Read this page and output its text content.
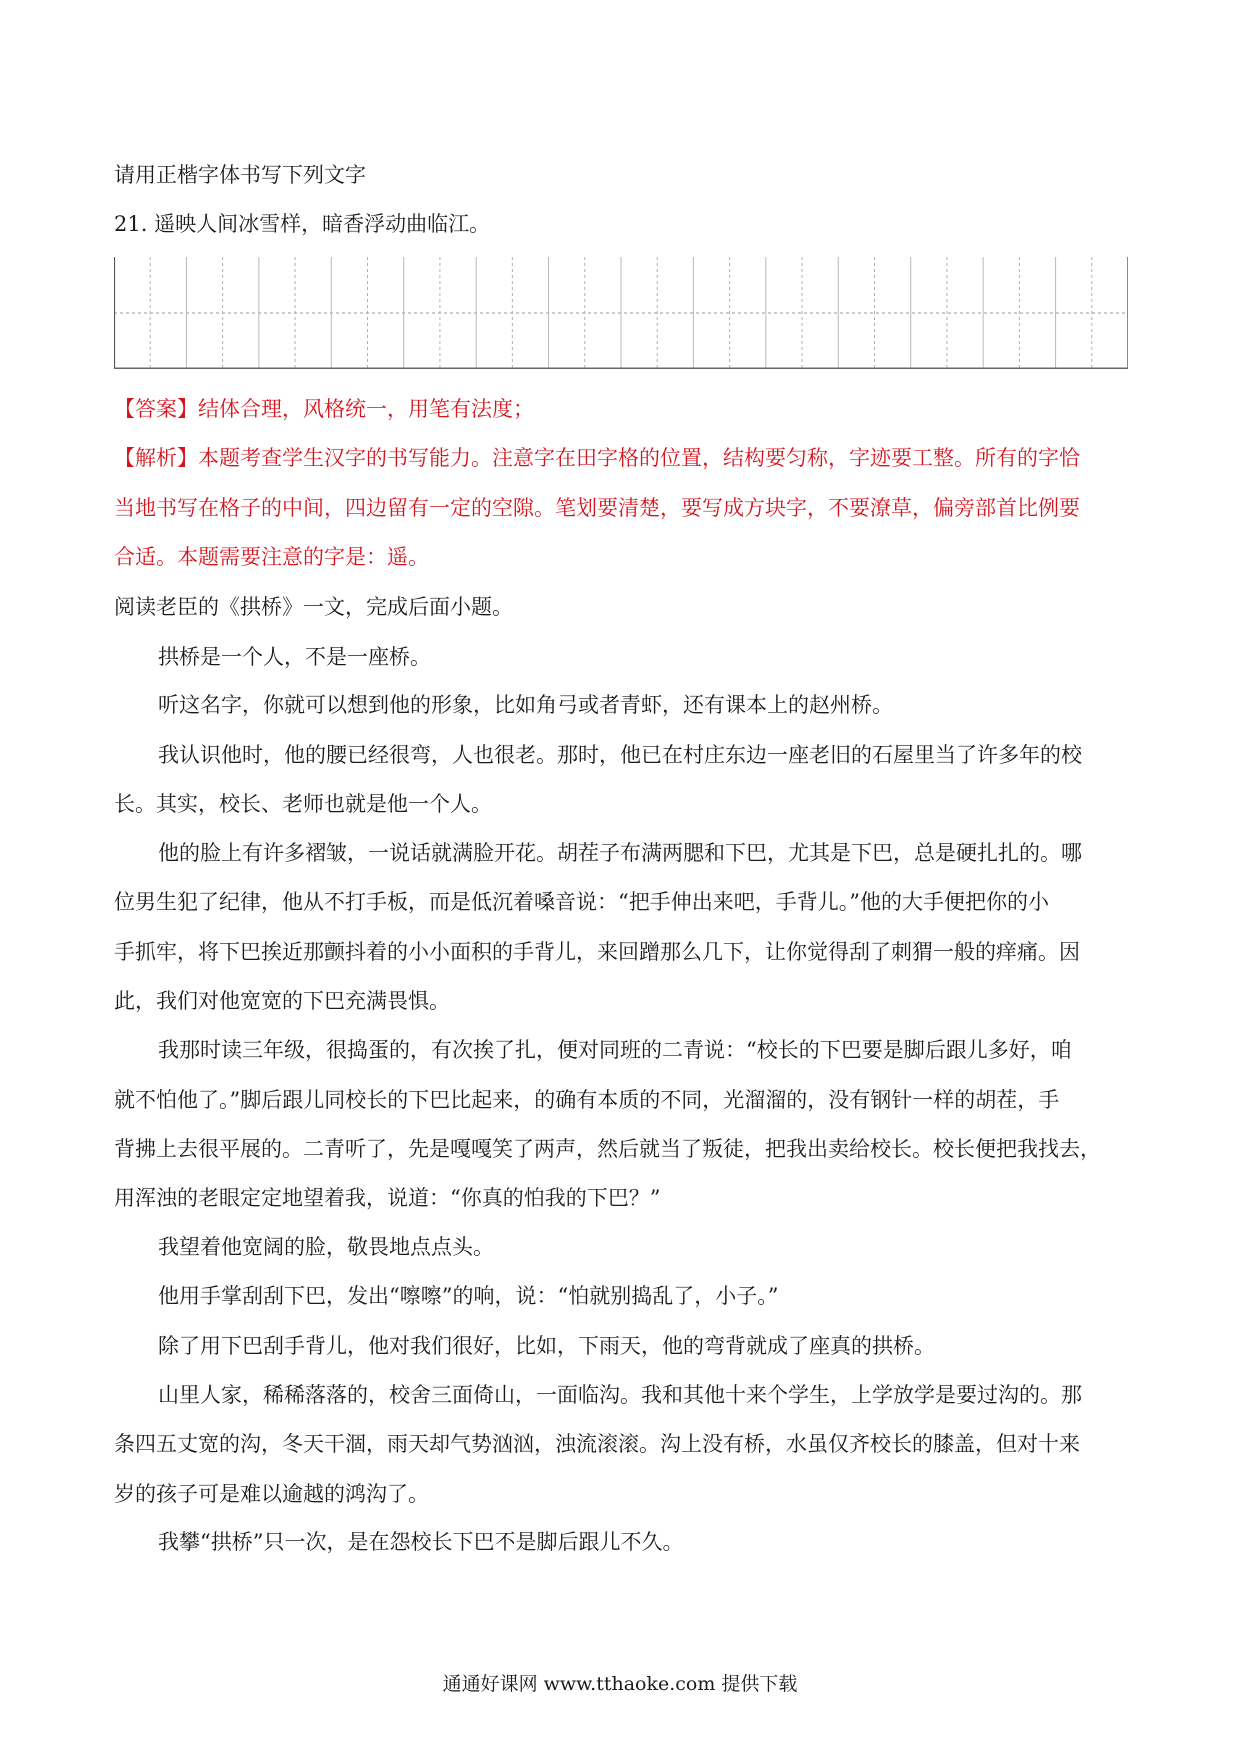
请用正楷字体书写下列文字
21. 遥映人间冰雪样，暗香浮动曲临江。
【答案】结体合理，风格统一，用笔有法度；
【解析】本题考查学生汉字的书写能力。注意字在田字格的位置，结构要匀称，字迹要工整。所有的字恰
当地书写在格子的中间，四边留有一定的空隙。笔划要清楚，要写成方块字，不要潦草，偏旁部首比例要
合适。本题需要注意的字是：遥。
阅读老臣的《拱桥》一文，完成后面小题。
拱桥是一个人，不是一座桥。
听这名字，你就可以想到他的形象，比如角弓或者青虾，还有课本上的赵州桥。
我认识他时，他的腰已经很弯，人也很老。那时，他已在村庄东边一座老旧的石屋里当了许多年的校
长。其实，校长、老师也就是他一个人。
他的脸上有许多褶皱，一说话就满脸开花。胡茬子布满两腮和下巴，尤其是下巴，总是硬扎扎的。哪
位男生犯了纪律，他从不打手板，而是低沉着嗓音说：“把手伸出来吧，手背儿。”他的大手便把你的小
手抓牢，将下巴挨近那颤抖着的小小面积的手背儿，来回蹭那么几下，让你觉得刮了刺猬一般的痒痛。因
此，我们对他宽宽的下巴充满畏惧。
我那时读三年级，很捣蛋的，有次挨了扎，便对同班的二青说：“校长的下巴要是脚后跟儿多好，咱
就不怕他了。”脚后跟儿同校长的下巴比起来，的确有本质的不同，光溜溜的，没有钢针一样的胡茬，手
背拂上去很平展的。二青听了，先是嘎嘎笑了两声，然后就当了叛徒，把我出卖给校长。校长便把我找去，
用浑浊的老眼定定地望着我，说道：“你真的怕我的下巴？”
我望着他宽阔的脸，敬畏地点点头。
他用手掌刮刮下巴，发出“嚓嚓”的响，说：“怕就别捣乱了，小子。”
除了用下巴刮手背儿，他对我们很好，比如，下雨天，他的弯背就成了座真的拱桥。
山里人家，稀稀落落的，校舍三面倚山，一面临沟。我和其他十来个学生，上学放学是要过沟的。那
条四五丈宽的沟，冬天干涸，雨天却气势汹汹，浊流滚滚。沟上没有桥，水虽仅齐校长的膝盖，但对十来
岁的孩子可是难以逾越的鸿沟了。
我攀“拱桥”只一次，是在怨校长下巴不是脚后跟儿不久。
通通好课网 www.tthaoke.com 提供下载
